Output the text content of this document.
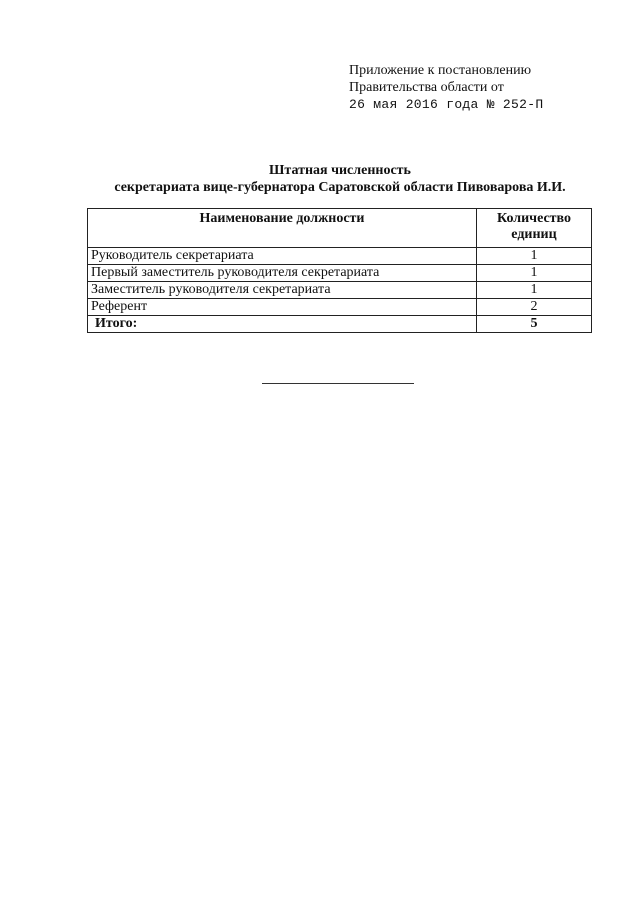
Приложение к постановлению
Правительства области от
26 мая 2016 года № 252-П
Штатная численность
секретариата вице-губернатора Саратовской области Пивоварова И.И.
Наименование должности	Количество
единиц
Руководитель секретариата	1
Первый заместитель руководителя секретариата	1
Заместитель руководителя секретариата	1
Референт	2
Итого:	5
